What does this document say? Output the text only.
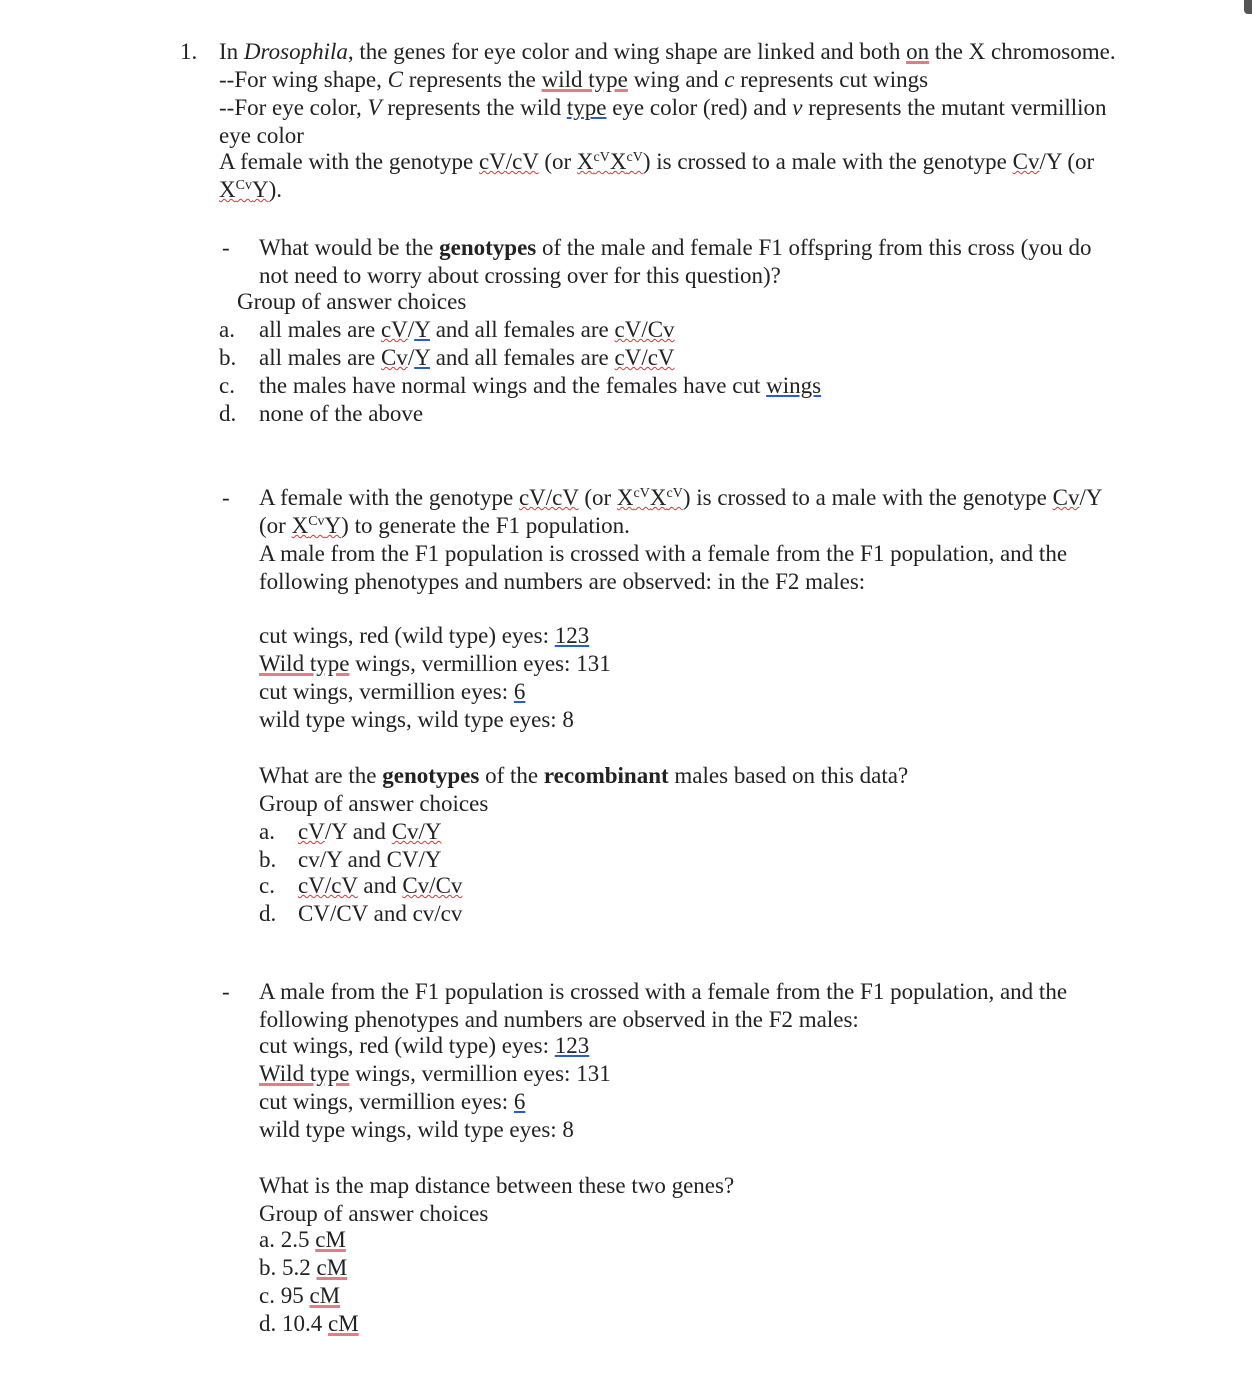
1. In Drosophila, the genes for eye color and wing shape are linked and both on the X chromosome.
--For wing shape, C represents the wild type wing and c represents cut wings
--For eye color, V represents the wild type eye color (red) and v represents the mutant vermillion
eye color
A female with the genotype cV/cV (or $X^{cV}X^{cV}$) is crossed to a male with the genotype Cv/Y (or
$X^{Cv}Y$).
- What would be the genotypes of the male and female F1 offspring from this cross (you do
not need to worry about crossing over for this question)?
Group of answer choices
a. all males are cV/Y and all females are cV/Cv
b. all males are Cv/Y and all females are cV/cV
c. the males have normal wings and the females have cut wings
d. none of the above
- A female with the genotype cV/cV (or $X^{cV}X^{cV}$) is crossed to a male with the genotype Cv/Y
(or $X^{Cv}Y$) to generate the F1 population.
A male from the F1 population is crossed with a female from the F1 population, and the
following phenotypes and numbers are observed: in the F2 males:
cut wings, red (wild type) eyes: 123
Wild type wings, vermillion eyes: 131
cut wings, vermillion eyes: 6
wild type wings, wild type eyes: 8
What are the genotypes of the recombinant males based on this data?
Group of answer choices
a. cV/Y and Cv/Y
b. cv/Y and CV/Y
c. cV/cV and Cv/Cv
d. CV/CV and cv/cv
- A male from the F1 population is crossed with a female from the F1 population, and the
following phenotypes and numbers are observed in the F2 males:
cut wings, red (wild type) eyes: 123
Wild type wings, vermillion eyes: 131
cut wings, vermillion eyes: 6
wild type wings, wild type eyes: 8
What is the map distance between these two genes?
Group of answer choices
a. 2.5 cM
b. 5.2 cM
c. 95 cM
d. 10.4 cM
